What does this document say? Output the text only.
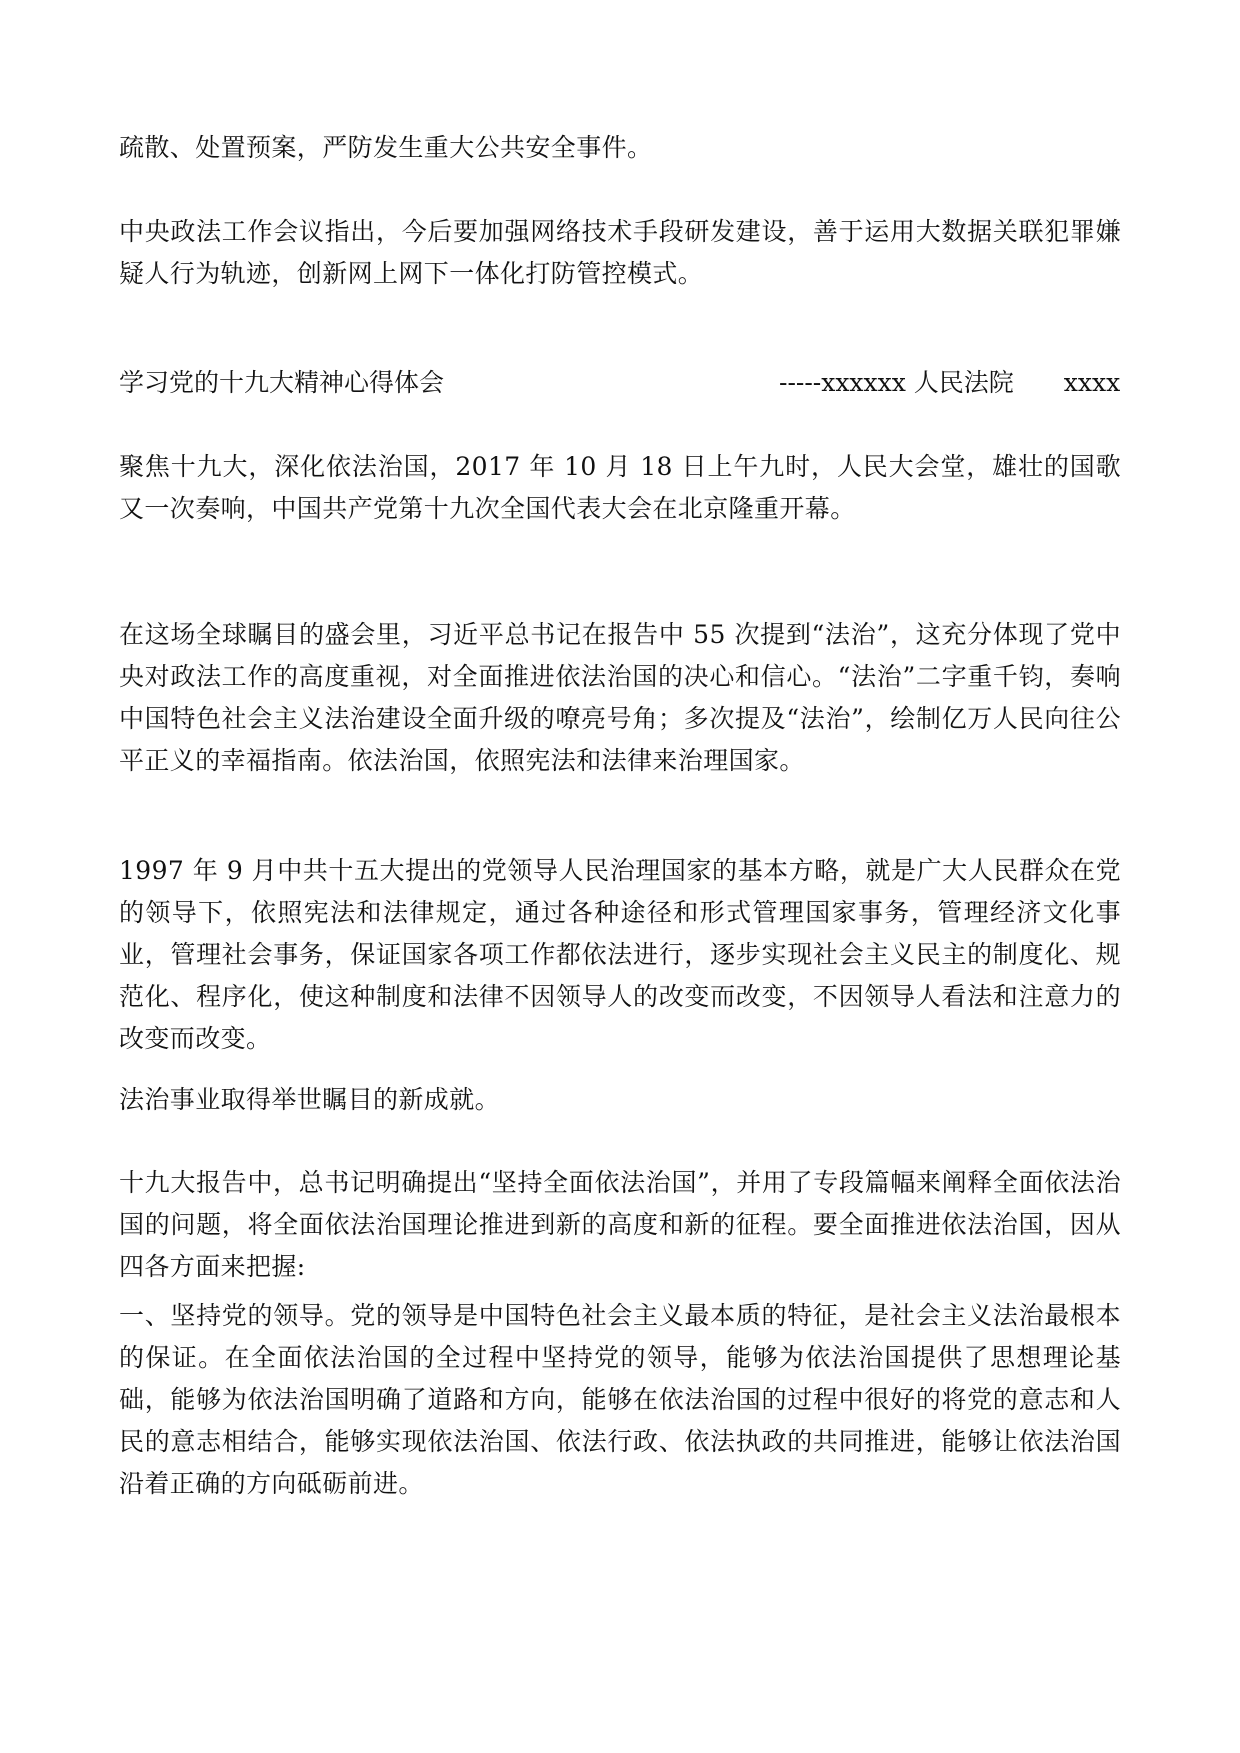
疏散、处置预案，严防发生重大公共安全事件。

中央政法工作会议指出，今后要加强网络技术手段研发建设，善于运用大数据关联犯罪嫌疑人行为轨迹，创新网上网下一体化打防管控模式。

学习党的十九大精神心得体会	-----xxxxxx 人民法院　　xxxx

聚焦十九大，深化依法治国，2017 年 10 月 18 日上午九时，人民大会堂，雄壮的国歌又一次奏响，中国共产党第十九次全国代表大会在北京隆重开幕。

在这场全球瞩目的盛会里，习近平总书记在报告中 55 次提到“法治”，这充分体现了党中央对政法工作的高度重视，对全面推进依法治国的决心和信心。“法治”二字重千钧，奏响中国特色社会主义法治建设全面升级的嘹亮号角；多次提及“法治”，绘制亿万人民向往公平正义的幸福指南。依法治国，依照宪法和法律来治理国家。

1997 年 9 月中共十五大提出的党领导人民治理国家的基本方略，就是广大人民群众在党的领导下，依照宪法和法律规定，通过各种途径和形式管理国家事务，管理经济文化事业，管理社会事务，保证国家各项工作都依法进行，逐步实现社会主义民主的制度化、规范化、程序化，使这种制度和法律不因领导人的改变而改变，不因领导人看法和注意力的改变而改变。

法治事业取得举世瞩目的新成就。

十九大报告中，总书记明确提出“坚持全面依法治国”，并用了专段篇幅来阐释全面依法治国的问题，将全面依法治国理论推进到新的高度和新的征程。要全面推进依法治国，因从四各方面来把握:

一、坚持党的领导。党的领导是中国特色社会主义最本质的特征，是社会主义法治最根本的保证。在全面依法治国的全过程中坚持党的领导，能够为依法治国提供了思想理论基础，能够为依法治国明确了道路和方向，能够在依法治国的过程中很好的将党的意志和人民的意志相结合，能够实现依法治国、依法行政、依法执政的共同推进，能够让依法治国沿着正确的方向砥砺前进。
